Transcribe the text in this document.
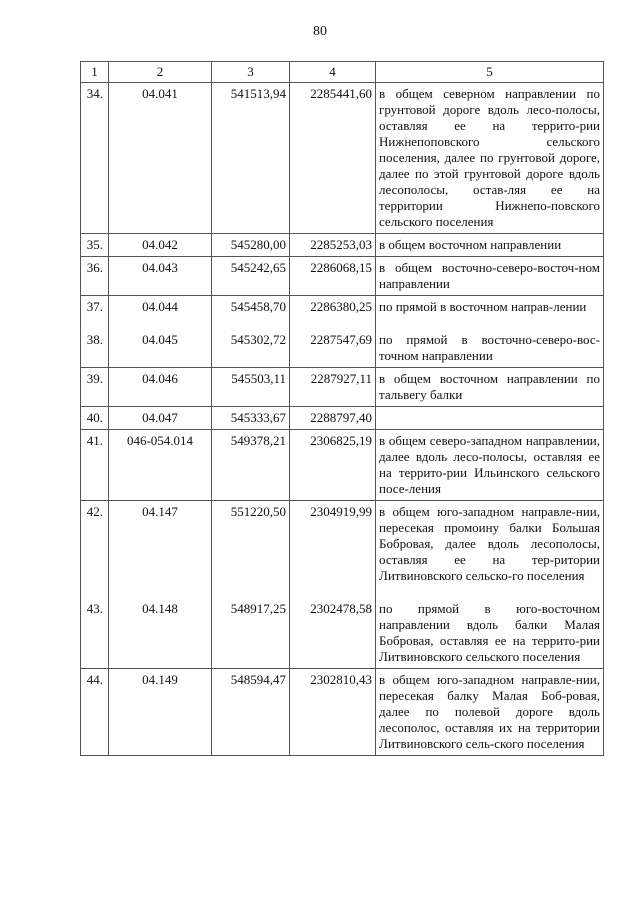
80
1	2	3	4	5
34.	04.041	541513,94	2285441,60	в общем северном направлении по грунтовой дороге вдоль лесо-полосы, оставляя ее на террито-рии Нижнепоповского сельского поселения, далее по грунтовой дороге, далее по этой грунтовой дороге вдоль лесополосы, остав-ляя ее на территории Нижнепо-повского сельского поселения
35.	04.042	545280,00	2285253,03	в общем восточном направлении
36.	04.043	545242,65	2286068,15	в общем восточно-северо-восточ-ном направлении
37.	04.044	545458,70	2286380,25	по прямой в восточном направ-лении
38.	04.045	545302,72	2287547,69	по прямой в восточно-северо-вос-точном направлении
39.	04.046	545503,11	2287927,11	в общем восточном направлении по тальвегу балки
40.	04.047	545333,67	2288797,40	
41.	046-054.014	549378,21	2306825,19	в общем северо-западном направлении, далее вдоль лесо-полосы, оставляя ее на террито-рии Ильинского сельского посе-ления
42.	04.147	551220,50	2304919,99	в общем юго-западном направле-нии, пересекая промоину балки Большая Бобровая, далее вдоль лесополосы, оставляя ее на тер-ритории Литвиновского сельско-го поселения
43.	04.148	548917,25	2302478,58	по прямой в юго-восточном направлении вдоль балки Малая Бобровая, оставляя ее на террито-рии Литвиновского сельского поселения
44.	04.149	548594,47	2302810,43	в общем юго-западном направле-нии, пересекая балку Малая Боб-ровая, далее по полевой дороге вдоль лесополос, оставляя их на территории Литвиновского сель-ского поселения
